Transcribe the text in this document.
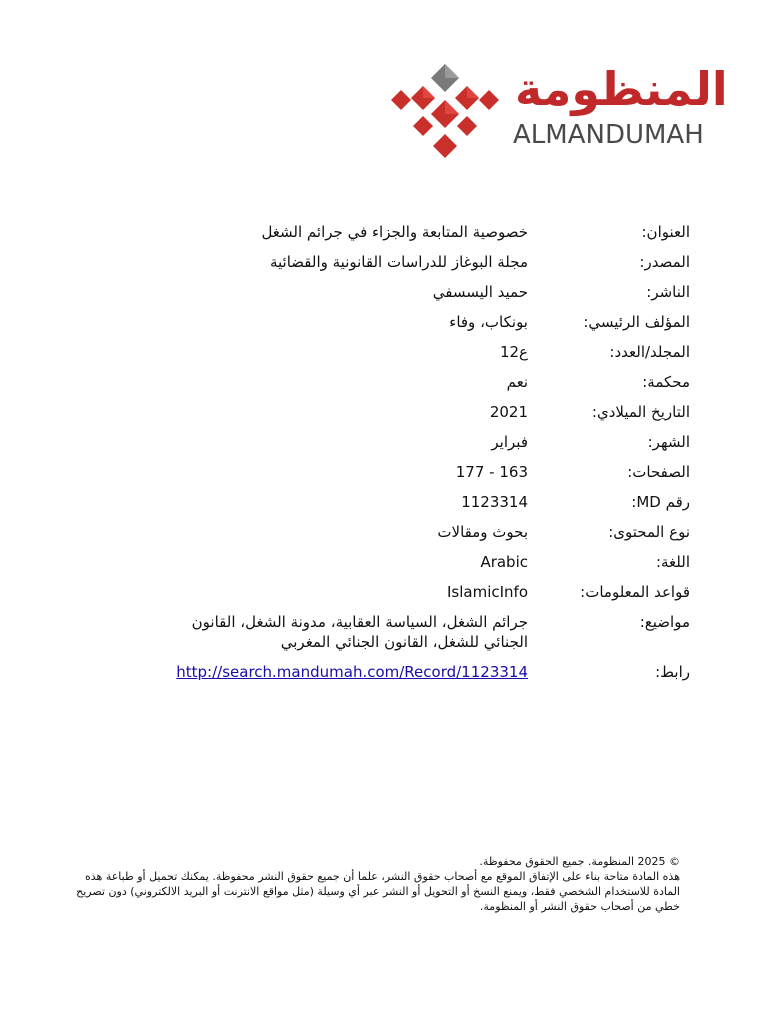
المنظومة
ALMANDUMAH
العنوان:
خصوصية المتابعة والجزاء في جرائم الشغل
المصدر:
مجلة البوغاز للدراسات القانونية والقضائية
الناشر:
حميد اليسسفي
المؤلف الرئيسي:
بونكاب، وفاء
المجلد/العدد:
ع12
محكمة:
نعم
التاريخ الميلادي:
2021
الشهر:
فبراير
الصفحات:
163 - 177
رقم MD:
1123314
نوع المحتوى:
بحوث ومقالات
اللغة:
Arabic
قواعد المعلومات:
IslamicInfo
مواضيع:
جرائم الشغل، السياسة العقابية، مدونة الشغل، القانون الجنائي للشغل، القانون الجنائي المغربي
رابط:
http://search.mandumah.com/Record/1123314
© 2025 المنظومة. جميع الحقوق محفوظة.
هذه المادة متاحة بناء على الإتفاق الموقع مع أصحاب حقوق النشر، علما أن جميع حقوق النشر محفوظة. يمكنك تحميل أو طباعة هذه المادة للاستخدام الشخصي فقط، ويمنع النسخ أو التحويل أو النشر عبر أي وسيلة (مثل مواقع الانترنت أو البريد الالكتروني) دون تصريح خطي من أصحاب حقوق النشر أو المنظومة.
